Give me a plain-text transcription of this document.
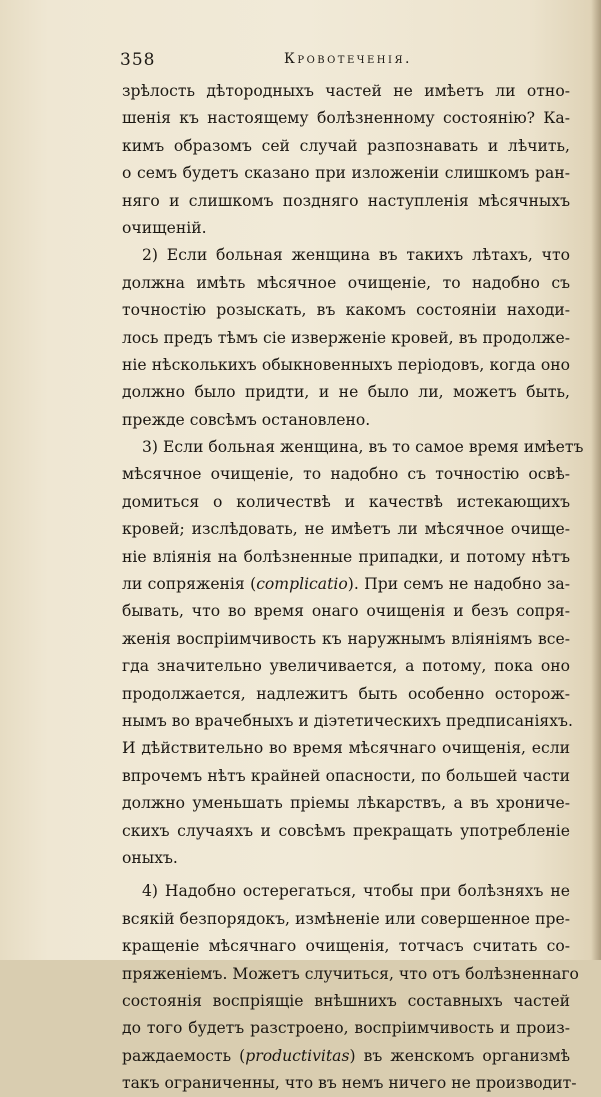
358	Кровотеченія.

зрѣлость дѣтородныхъ частей не имѣетъ ли отно-
шенія къ настоящему болѣзненному состоянію? Ка-
кимъ образомъ сей случай разпознавать и лѣчить,
о семъ будетъ сказано при изложеніи слишкомъ ран-
няго и слишкомъ поздняго наступленія мѣсячныхъ
очищеній.

2) Если больная женщина въ такихъ лѣтахъ, что
должна имѣть мѣсячное очищеніе, то надобно съ
точностію розыскать, въ какомъ состояніи находи-
лось предъ тѣмъ сіе изверженіе кровей, въ продолже-
ніе нѣсколькихъ обыкновенныхъ періодовъ, когда оно
должно было придти, и не было ли, можетъ быть,
прежде совсѣмъ остановлено.

3) Если больная женщина, въ то самое время имѣетъ
мѣсячное очищеніе, то надобно съ точностію освѣ-
домиться о количествѣ и качествѣ истекающихъ
кровей; изслѣдовать, не имѣетъ ли мѣсячное очище-
ніе вліянія на болѣзненные припадки, и потому нѣтъ
ли сопряженія (complicatio). При семъ не надобно за-
бывать, что во время онаго очищенія и безъ сопря-
женія воспріимчивость къ наружнымъ вліяніямъ все-
гда значительно увеличивается, а потому, пока оно
продолжается, надлежитъ быть особенно осторож-
нымъ во врачебныхъ и діэтетическихъ предписаніяхъ.
И дѣйствительно во время мѣсячнаго очищенія, если
впрочемъ нѣтъ крайней опасности, по большей части
должно уменьшать пріемы лѣкарствъ, а въ хрониче-
скихъ случаяхъ и совсѣмъ прекращать употребленіе
оныхъ.

4) Надобно остерегаться, чтобы при болѣзняхъ не
всякій безпорядокъ, измѣненіе или совершенное пре-
кращеніе мѣсячнаго очищенія, тотчасъ считать со-
пряженіемъ. Можетъ случиться, что отъ болѣзненнаго
состоянія воспріящіе внѣшнихъ составныхъ частей
до того будетъ разстроено, воспріимчивость и произ-
раждаемость (productivitas) въ женскомъ организмѣ
такъ ограниченны, что въ немъ ничего не производит-
